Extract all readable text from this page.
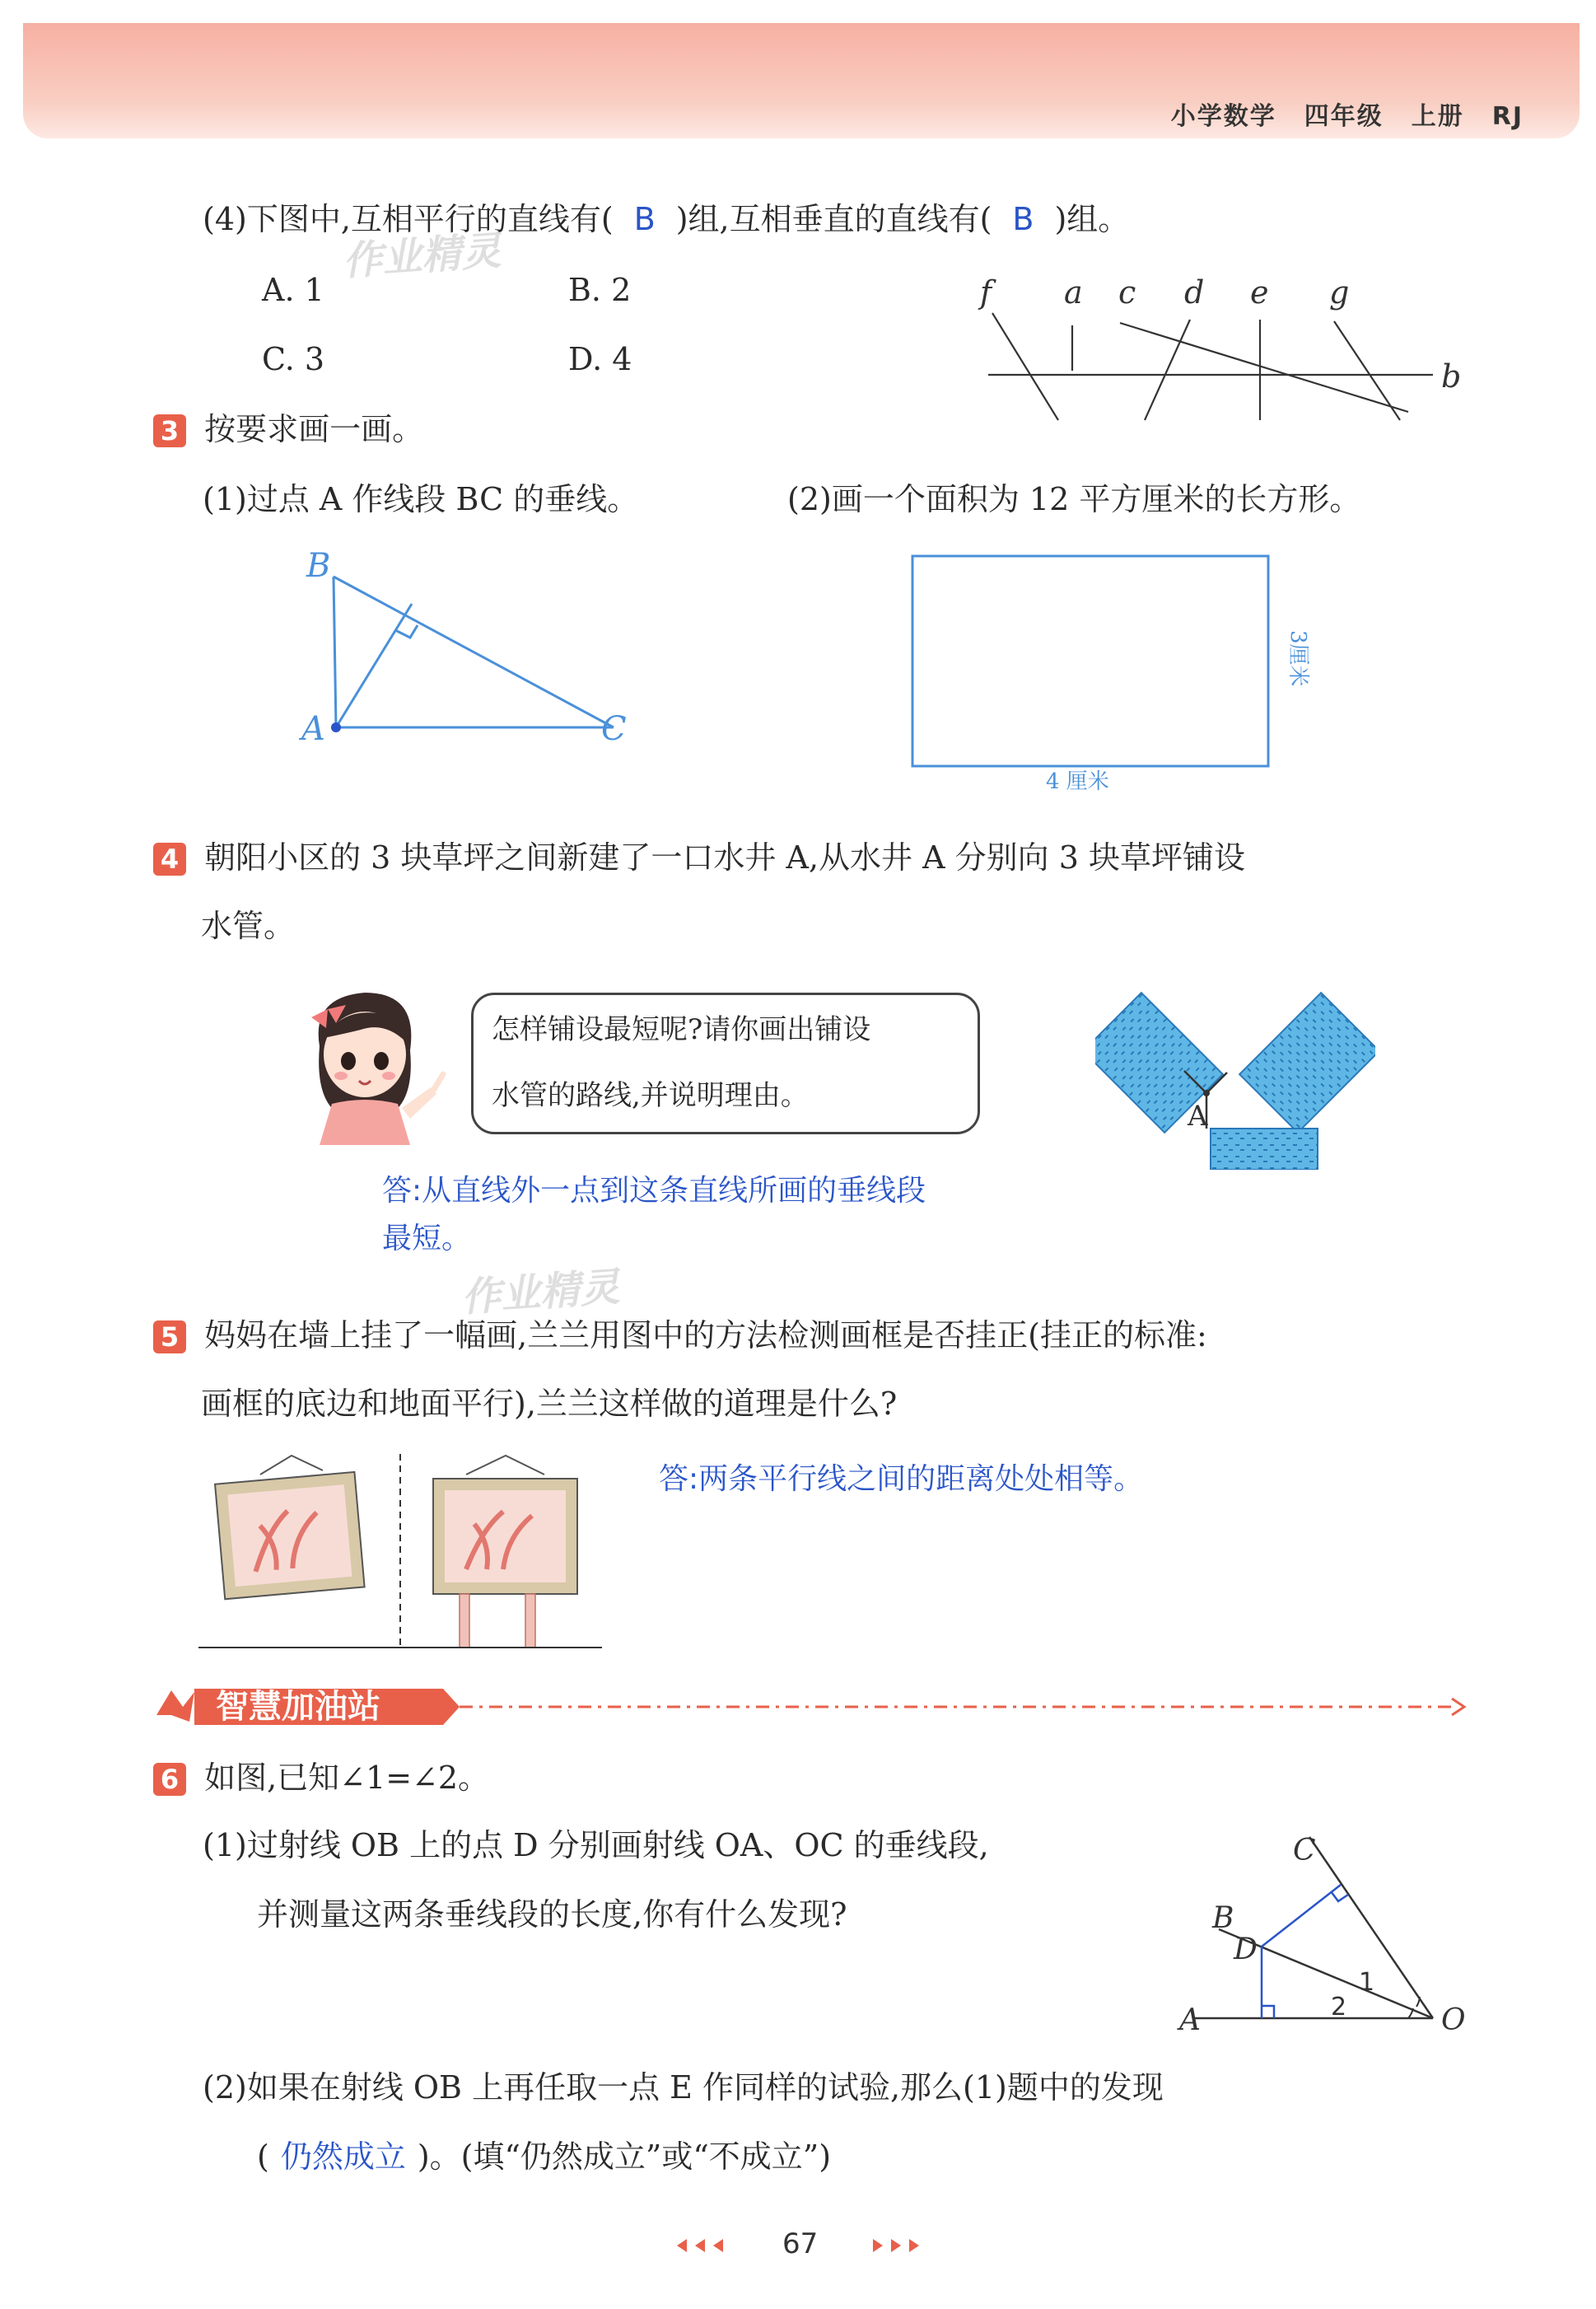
小学数学 四年级 上册 RJ
(4)下图中,互相平行的直线有( B )组,互相垂直的直线有( B )组。
作业精灵
A. 1	B. 2
C. 3	D. 4
f a c d e g
b
3 按要求画一画。
(1)过点 A 作线段 BC 的垂线。	(2)画一个面积为 12 平方厘米的长方形。
B
A	C
4 厘米
3厘米
4 朝阳小区的 3 块草坪之间新建了一口水井 A,从水井 A 分别向 3 块草坪铺设
水管。
怎样铺设最短呢?请你画出铺设
水管的路线,并说明理由。
A
答:从直线外一点到这条直线所画的垂线段
最短。
作业精灵
5 妈妈在墙上挂了一幅画,兰兰用图中的方法检测画框是否挂正(挂正的标准:
画框的底边和地面平行),兰兰这样做的道理是什么?
答:两条平行线之间的距离处处相等。
智慧加油站
6 如图,已知∠1=∠2。
(1)过射线 OB 上的点 D 分别画射线 OA、OC 的垂线段,
并测量这两条垂线段的长度,你有什么发现?
C
B
D
A	O
1
2
(2)如果在射线 OB 上再任取一点 E 作同样的试验,那么(1)题中的发现
( 仍然成立 )。(填“仍然成立”或“不成立”)
67
